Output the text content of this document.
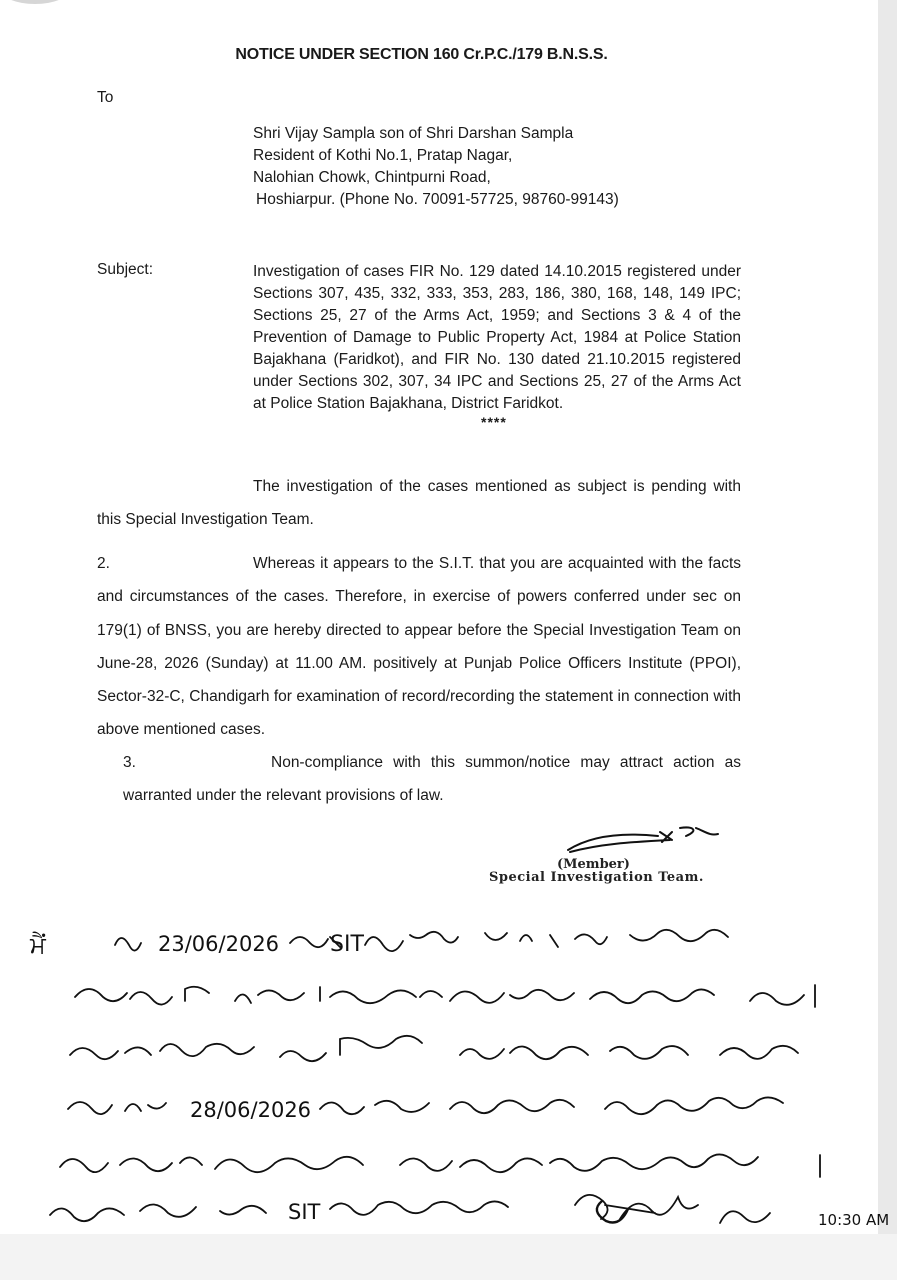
NOTICE UNDER SECTION 160 Cr.P.C./179 B.N.S.S.
To
Shri Vijay Sampla son of Shri Darshan Sampla
Resident of Kothi No.1, Pratap Nagar,
Nalohian Chowk, Chintpurni Road,
Hoshiarpur. (Phone No. 70091-57725, 98760-99143)
Subject:	Investigation of cases FIR No. 129 dated 14.10.2015 registered under Sections 307, 435, 332, 333, 353, 283, 186, 380, 168, 148, 149 IPC; Sections 25, 27 of the Arms Act, 1959; and Sections 3 & 4 of the Prevention of Damage to Public Property Act, 1984 at Police Station Bajakhana (Faridkot), and FIR No. 130 dated 21.10.2015 registered under Sections 302, 307, 34 IPC and Sections 25, 27 of the Arms Act at Police Station Bajakhana, District Faridkot.
****
The investigation of the cases mentioned as subject is pending with this Special Investigation Team.
2.	Whereas it appears to the S.I.T. that you are acquainted with the facts and circumstances of the cases. Therefore, in exercise of powers conferred under sec on 179(1) of BNSS, you are hereby directed to appear before the Special Investigation Team on June-28, 2026 (Sunday) at 11.00 AM. positively at Punjab Police Officers Institute (PPOI), Sector-32-C, Chandigarh for examination of record/recording the statement in connection with above mentioned cases.
3.	Non-compliance with this summon/notice may attract action as warranted under the relevant provisions of law.
(Member)
Special Investigation Team.
ਮੈਂ	23/06/2026 SIT
28/06/2026
SIT	10:30 AM
